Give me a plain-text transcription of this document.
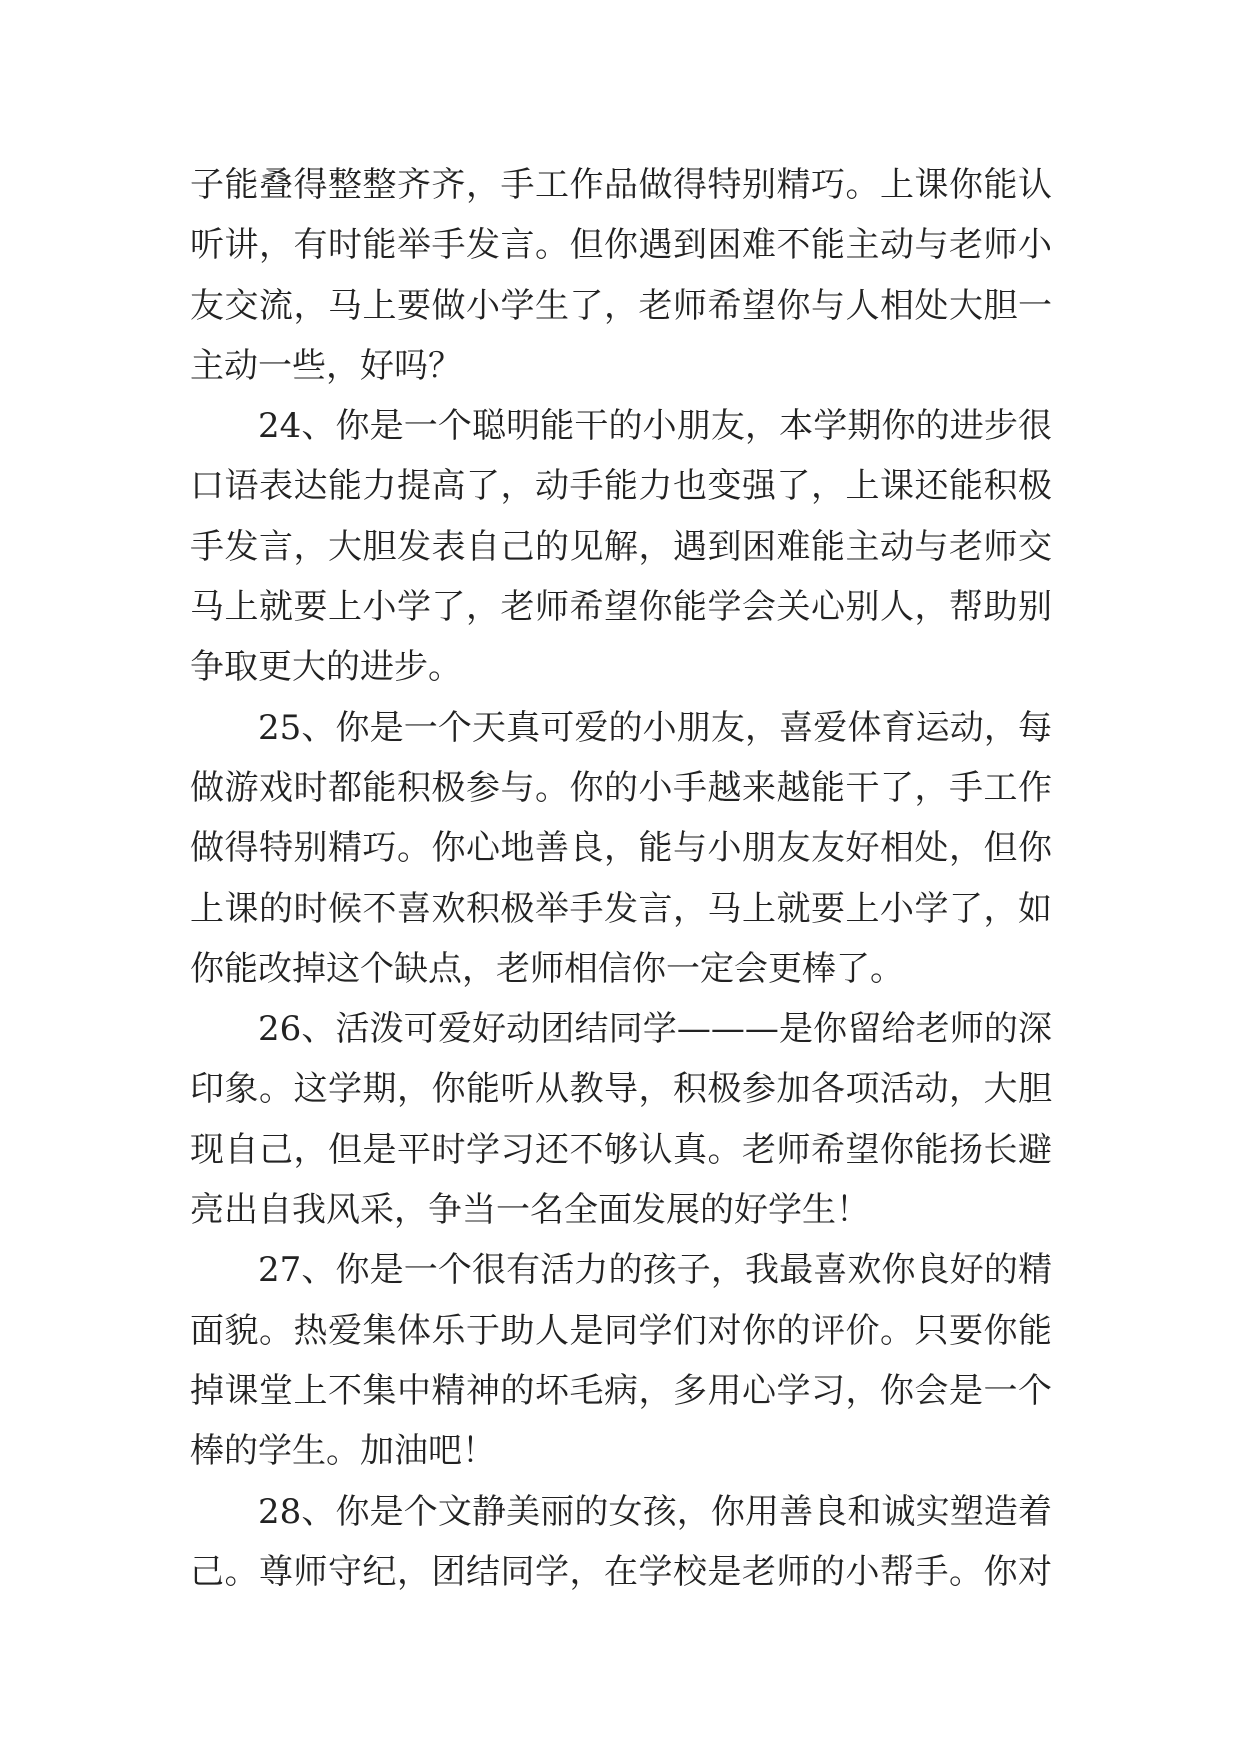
子能叠得整整齐齐，手工作品做得特别精巧。上课你能认
听讲，有时能举手发言。但你遇到困难不能主动与老师小
友交流，马上要做小学生了，老师希望你与人相处大胆一
主动一些，好吗？
24、你是一个聪明能干的小朋友，本学期你的进步很
口语表达能力提高了，动手能力也变强了，上课还能积极
手发言，大胆发表自己的见解，遇到困难能主动与老师交
马上就要上小学了，老师希望你能学会关心别人，帮助别
争取更大的进步。
25、你是一个天真可爱的小朋友，喜爱体育运动，每
做游戏时都能积极参与。你的小手越来越能干了，手工作
做得特别精巧。你心地善良，能与小朋友友好相处，但你
上课的时候不喜欢积极举手发言，马上就要上小学了，如
你能改掉这个缺点，老师相信你一定会更棒了。
26、活泼可爱好动团结同学———是你留给老师的深
印象。这学期，你能听从教导，积极参加各项活动，大胆
现自己，但是平时学习还不够认真。老师希望你能扬长避
亮出自我风采，争当一名全面发展的好学生！
27、你是一个很有活力的孩子，我最喜欢你良好的精
面貌。热爱集体乐于助人是同学们对你的评价。只要你能
掉课堂上不集中精神的坏毛病，多用心学习，你会是一个
棒的学生。加油吧！
28、你是个文静美丽的女孩，你用善良和诚实塑造着
己。尊师守纪，团结同学，在学校是老师的小帮手。你对
